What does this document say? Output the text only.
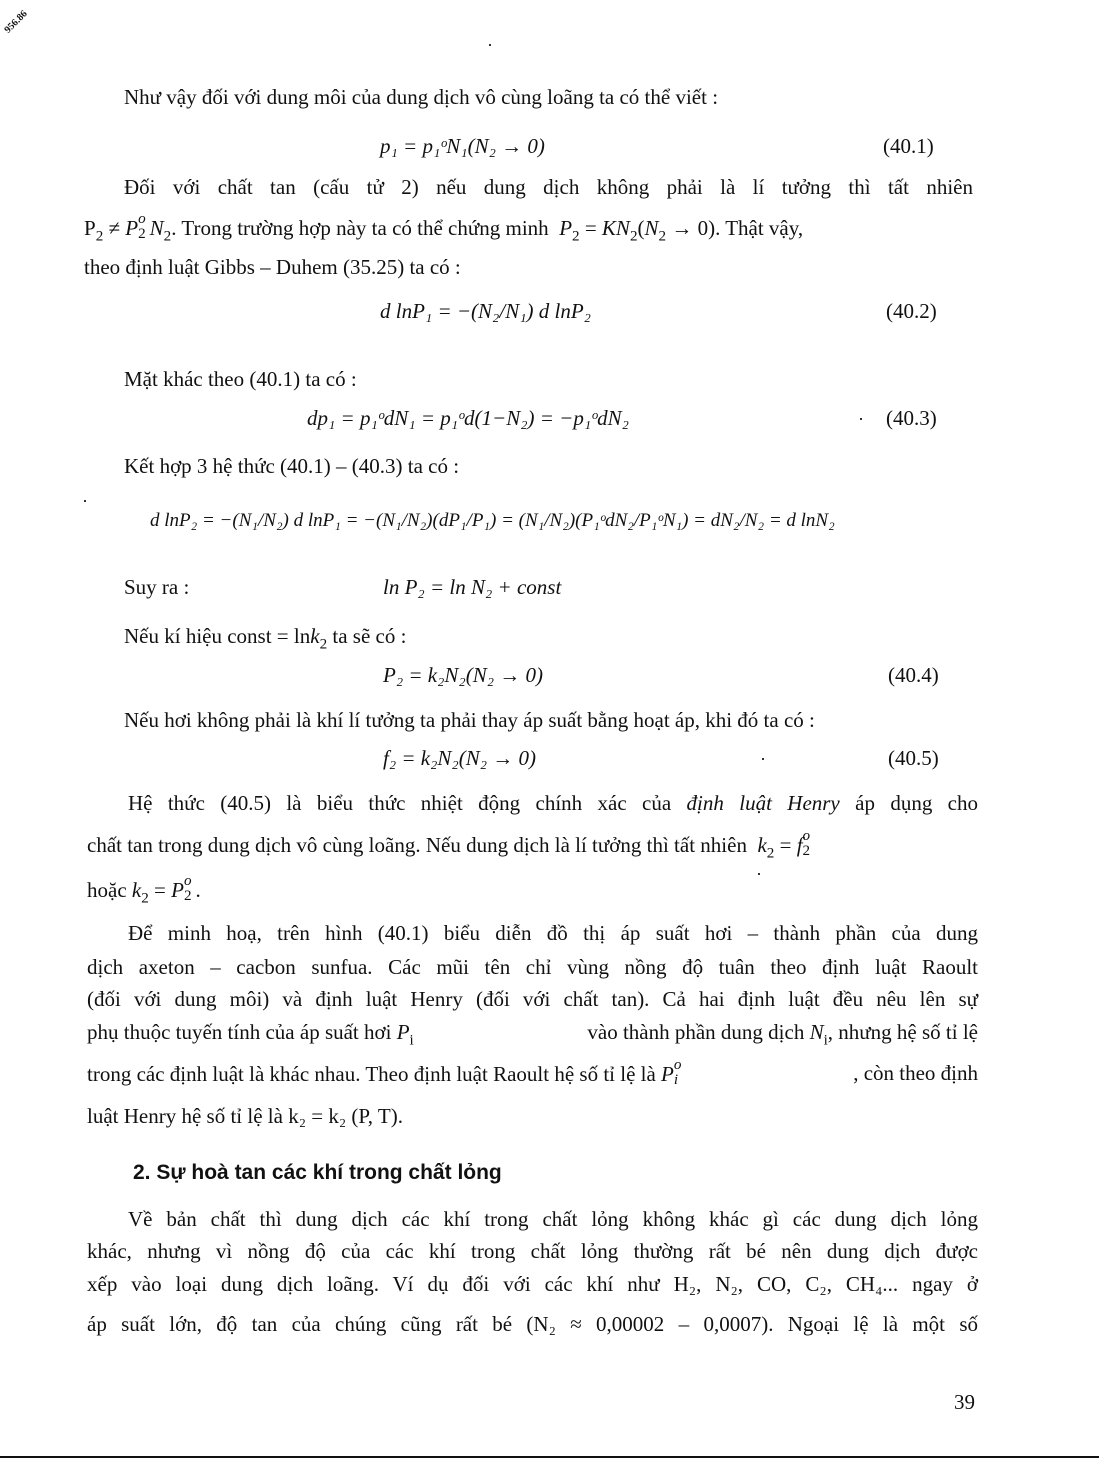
956.86
Như vậy đối với dung môi của dung dịch vô cùng loãng ta có thể viết :
p₁ = p₁ᵒN₁(N₂ → 0)	(40.1)
Đối với chất tan (cấu tử 2) nếu dung dịch không phải là lí tưởng thì tất nhiên
$P_2 \ne P$ o
2 $N_2$. Trong trường hợp này ta có thể chứng minh $P_2 = KN_2(N_2 \to 0)$. Thật vậy,
theo định luật Gibbs – Duhem (35.25) ta có :
d lnP₁ = −(N₂/N₁) d lnP₂	(40.2)
Mặt khác theo (40.1) ta có :
dp₁ = p₁ᵒdN₁ = p₁ᵒd(1−N₂) = −p₁ᵒdN₂	(40.3)
Kết hợp 3 hệ thức (40.1) – (40.3) ta có :
d lnP₂ = −(N₁/N₂) d lnP₁ = −(N₁/N₂)(dP₁/P₁) = (N₁/N₂)(P₁ᵒdN₂/P₁ᵒN₁) = dN₂/N₂ = d lnN₂
Suy ra :	ln P₂ = ln N₂ + const
Nếu kí hiệu const = lnk$_2$ ta sẽ có :
P₂ = k₂N₂(N₂ → 0)	(40.4)
Nếu hơi không phải là khí lí tưởng ta phải thay áp suất bằng hoạt áp, khi đó ta có :
f₂ = k₂N₂(N₂ → 0)	(40.5)
Hệ thức (40.5) là biểu thức nhiệt động chính xác của định luật Henry áp dụng cho
chất tan trong dung dịch vô cùng loãng. Nếu dung dịch là lí tưởng thì tất nhiên $k_2 = f$ o
2
hoặc $k_2 = P$ o
2 .
Để minh hoạ, trên hình (40.1) biểu diễn đồ thị áp suất hơi – thành phần của dung
dịch axeton – cacbon sunfua. Các mũi tên chỉ vùng nồng độ tuân theo định luật Raoult
(đối với dung môi) và định luật Henry (đối với chất tan). Cả hai định luật đều nêu lên sự
phụ thuộc tuyến tính của áp suất hơi $P_i$	vào thành phần dung dịch $N_i$, nhưng hệ số tỉ lệ
trong các định luật là khác nhau. Theo định luật Raoult hệ số tỉ lệ là P o
i	, còn theo định
luật Henry hệ số tỉ lệ là k₂ = k₂ (P, T).
2. Sự hoà tan các khí trong chất lỏng
Về bản chất thì dung dịch các khí trong chất lỏng không khác gì các dung dịch lỏng
khác, nhưng vì nồng độ của các khí trong chất lỏng thường rất bé nên dung dịch được
xếp vào loại dung dịch loãng. Ví dụ đối với các khí như H₂, N₂, CO, C₂, CH₄... ngay ở
áp suất lớn, độ tan của chúng cũng rất bé (N₂ ≈ 0,00002 – 0,0007). Ngoại lệ là một số
39
